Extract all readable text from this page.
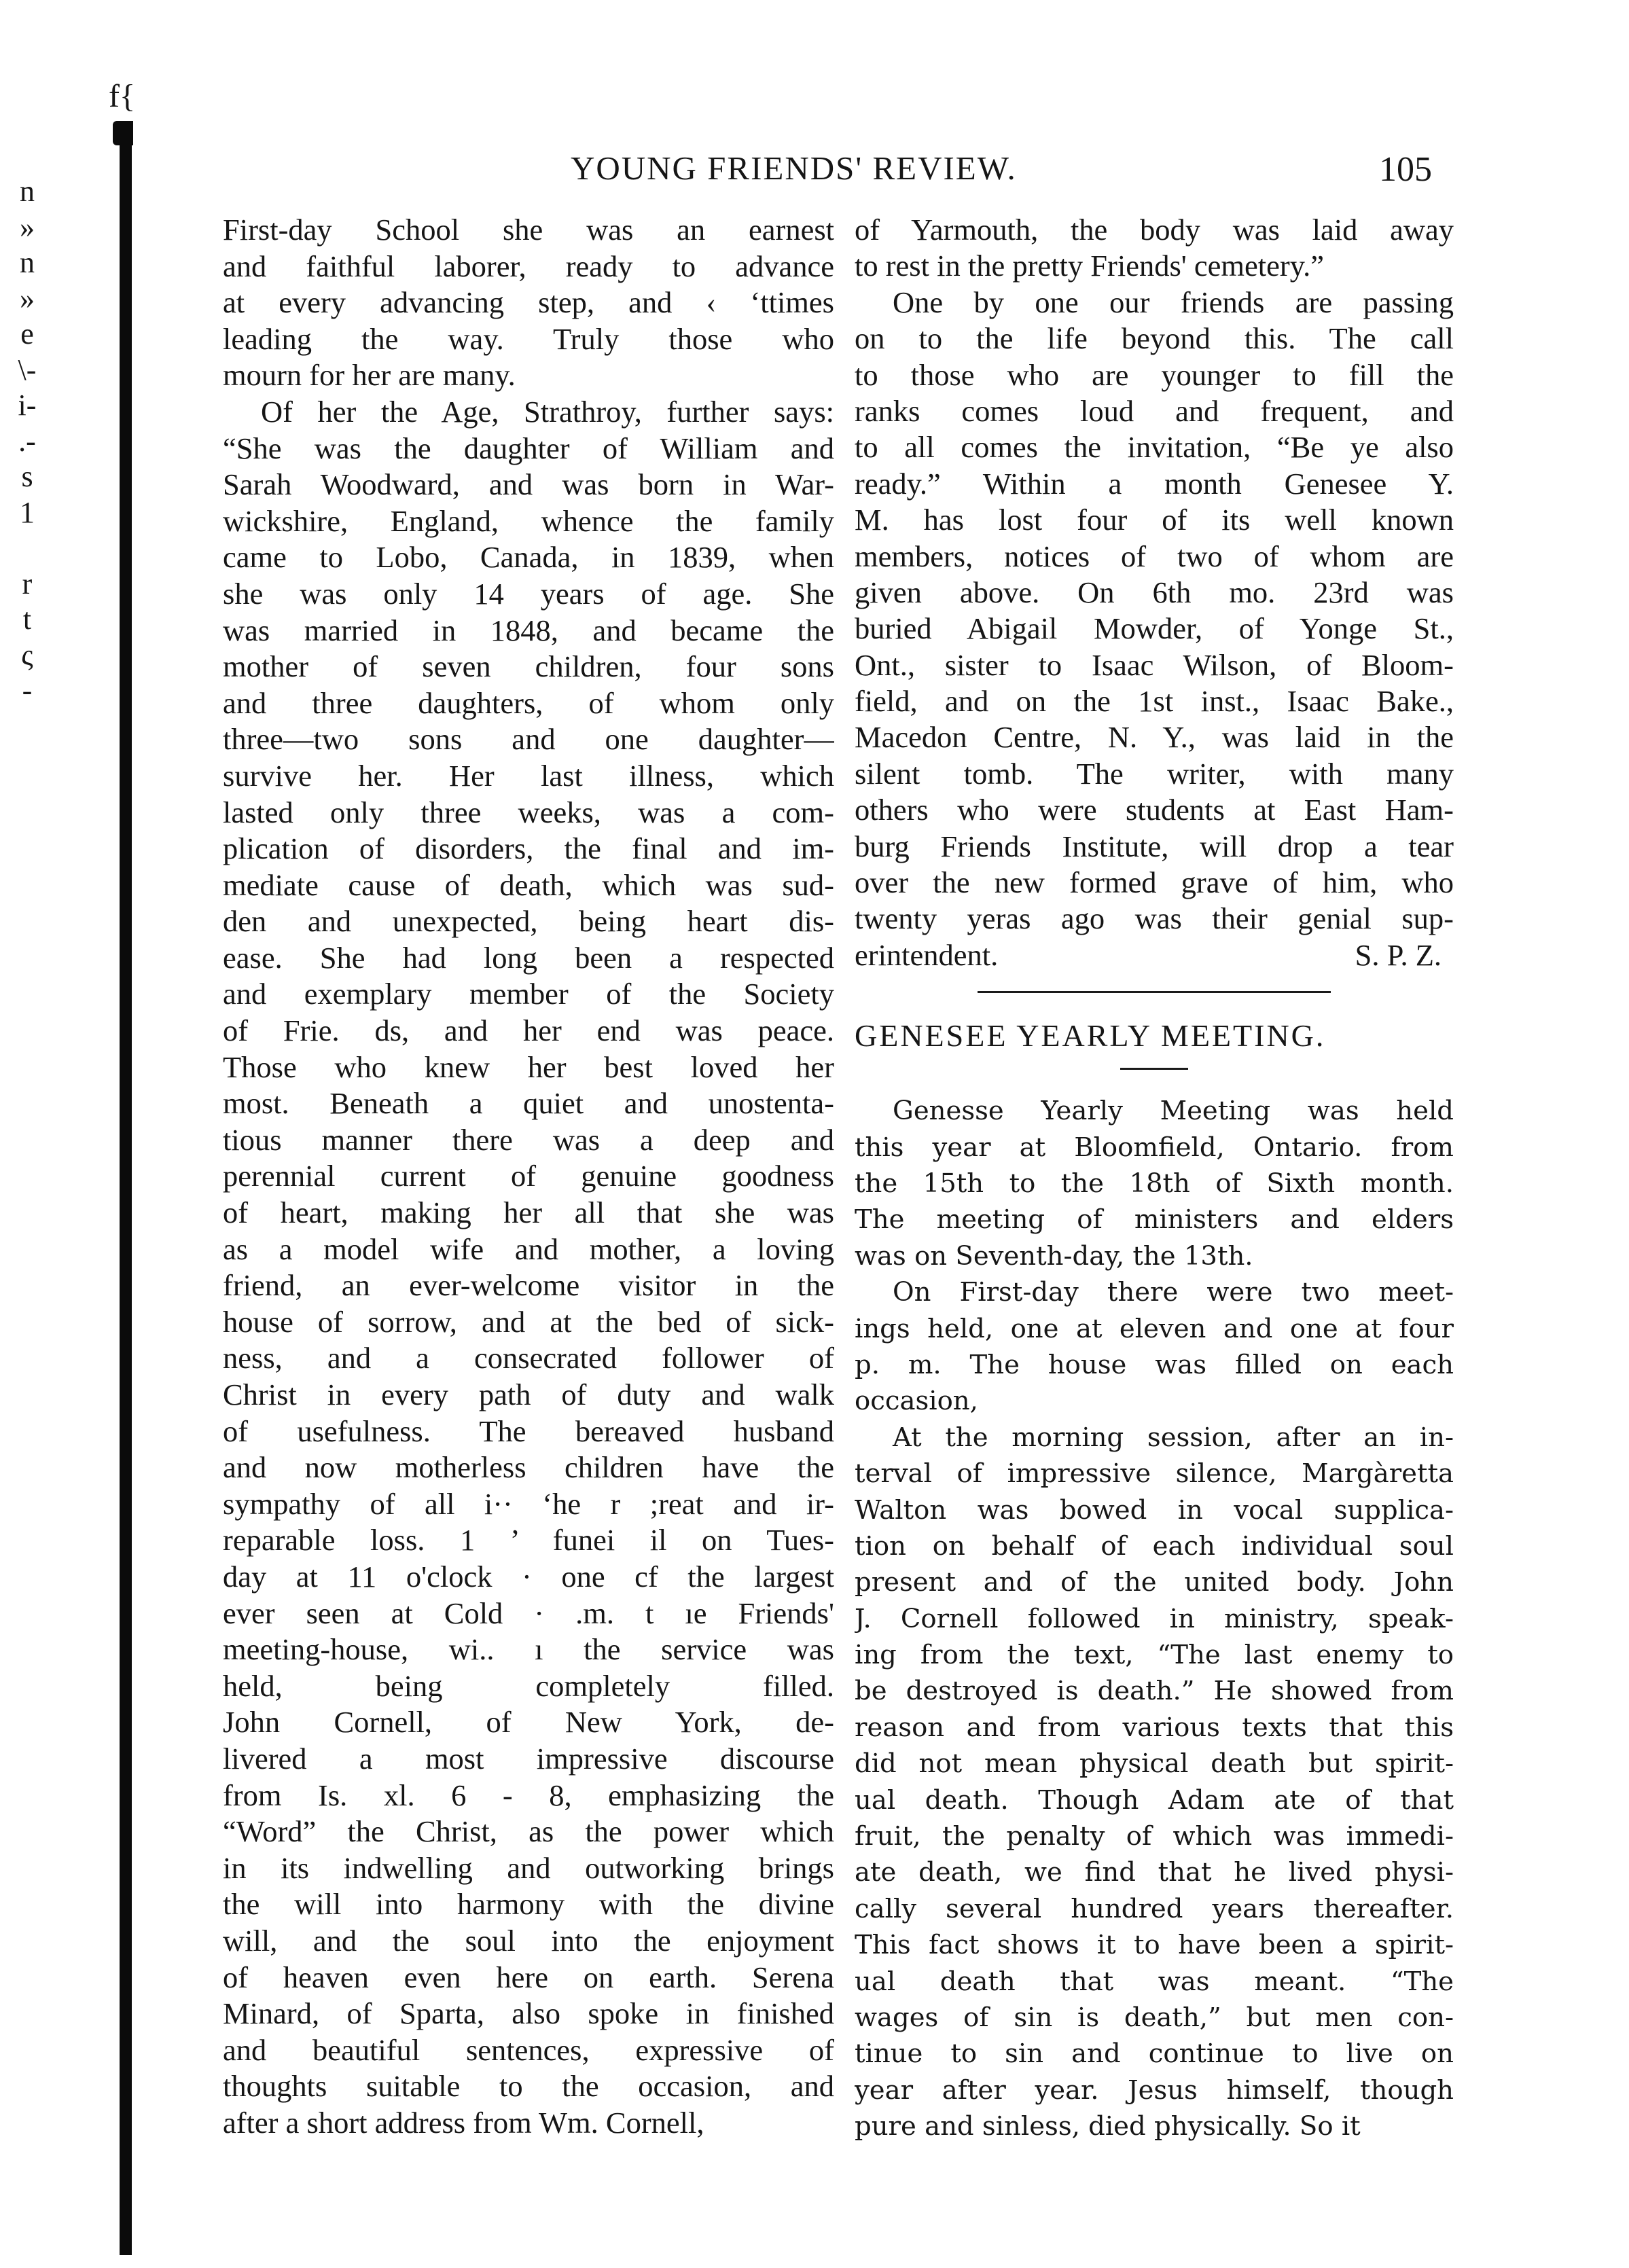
f{
n
»
n
»
e
\-
i-
.-
s
1
r
t
ς
-
YOUNG FRIENDS' REVIEW.	105
First-day School she was an earnest
and faithful laborer, ready to advance
at every advancing step, and ‹ ‘ttimes
leading the way. Truly those who
mourn for her are many.
Of her the Age, Strathroy, further says:
“She was the daughter of William and
Sarah Woodward, and was born in War-
wickshire, England, whence the family
came to Lobo, Canada, in 1839, when
she was only 14 years of age. She
was married in 1848, and became the
mother of seven children, four sons
and three daughters, of whom only
three—two sons and one daughter—
survive her. Her last illness, which
lasted only three weeks, was a com-
plication of disorders, the final and im-
mediate cause of death, which was sud-
den and unexpected, being heart dis-
ease. She had long been a respected
and exemplary member of the Society
of Frie. ds, and her end was peace.
Those who knew her best loved her
most. Beneath a quiet and unostenta-
tious manner there was a deep and
perennial current of genuine goodness
of heart, making her all that she was
as a model wife and mother, a loving
friend, an ever-welcome visitor in the
house of sorrow, and at the bed of sick-
ness, and a consecrated follower of
Christ in every path of duty and walk
of usefulness. The bereaved husband
and now motherless children have the
sympathy of all i·· ‘he r ;reat and ir-
reparable loss. 1 ’ funei il on Tues-
day at 11 o'clock · one cf the largest
ever seen at Cold · .m. t ıe Friends'
meeting-house, wi.. ı the service was
held, being completely filled.
John Cornell, of New York, de-
livered a most impressive discourse
from Is. xl. 6 - 8, emphasizing the
“Word” the Christ, as the power which
in its indwelling and outworking brings
the will into harmony with the divine
will, and the soul into the enjoyment
of heaven even here on earth. Serena
Minard, of Sparta, also spoke in finished
and beautiful sentences, expressive of
thoughts suitable to the occasion, and
after a short address from Wm. Cornell,
of Yarmouth, the body was laid away
to rest in the pretty Friends' cemetery.”
One by one our friends are passing
on to the life beyond this. The call
to those who are younger to fill the
ranks comes loud and frequent, and
to all comes the invitation, “Be ye also
ready.” Within a month Genesee Y.
M. has lost four of its well known
members, notices of two of whom are
given above. On 6th mo. 23rd was
buried Abigail Mowder, of Yonge St.,
Ont., sister to Isaac Wilson, of Bloom-
field, and on the 1st inst., Isaac Bake.,
Macedon Centre, N. Y., was laid in the
silent tomb. The writer, with many
others who were students at East Ham-
burg Friends Institute, will drop a tear
over the new formed grave of him, who
twenty yeras ago was their genial sup-
erintendent.	S. P. Z.
GENESEE YEARLY MEETING.
Genesse Yearly Meeting was held
this year at Bloomfield, Ontario. from
the 15th to the 18th of Sixth month.
The meeting of ministers and elders
was on Seventh-day, the 13th.
On First-day there were two meet-
ings held, one at eleven and one at four
p. m. The house was filled on each
occasion,
At the morning session, after an in-
terval of impressive silence, Margàretta
Walton was bowed in vocal supplica-
tion on behalf of each individual soul
present and of the united body. John
J. Cornell followed in ministry, speak-
ing from the text, “The last enemy to
be destroyed is death.” He showed from
reason and from various texts that this
did not mean physical death but spirit-
ual death. Though Adam ate of that
fruit, the penalty of which was immedi-
ate death, we find that he lived physi-
cally several hundred years thereafter.
This fact shows it to have been a spirit-
ual death that was meant. “The
wages of sin is death,” but men con-
tinue to sin and continue to live on
year after year. Jesus himself, though
pure and sinless, died physically. So it
